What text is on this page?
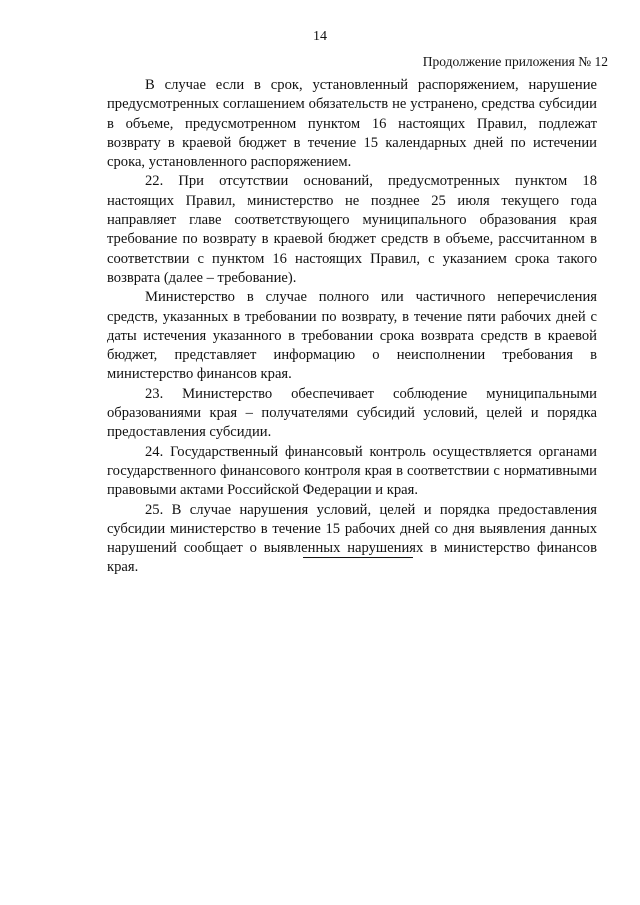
14
Продолжение приложения № 12

В случае если в срок, установленный распоряжением, нарушение предусмотренных соглашением обязательств не устранено, средства субсидии в объеме, предусмотренном пунктом 16 настоящих Правил, подлежат возврату в краевой бюджет в течение 15 календарных дней по истечении срока, установленного распоряжением.

22. При отсутствии оснований, предусмотренных пунктом 18 настоящих Правил, министерство не позднее 25 июля текущего года направляет главе соответствующего муниципального образования края требование по возврату в краевой бюджет средств в объеме, рассчитанном в соответствии с пунктом 16 настоящих Правил, с указанием срока такого возврата (далее – требование).

Министерство в случае полного или частичного неперечисления средств, указанных в требовании по возврату, в течение пяти рабочих дней с даты истечения указанного в требовании срока возврата средств в краевой бюджет, представляет информацию о неисполнении требования в министерство финансов края.

23. Министерство обеспечивает соблюдение муниципальными образованиями края – получателями субсидий условий, целей и порядка предоставления субсидии.

24. Государственный финансовый контроль осуществляется органами государственного финансового контроля края в соответствии с нормативными правовыми актами Российской Федерации и края.

25. В случае нарушения условий, целей и порядка предоставления субсидии министерство в течение 15 рабочих дней со дня выявления данных нарушений сообщает о выявленных нарушениях в министерство финансов края.
